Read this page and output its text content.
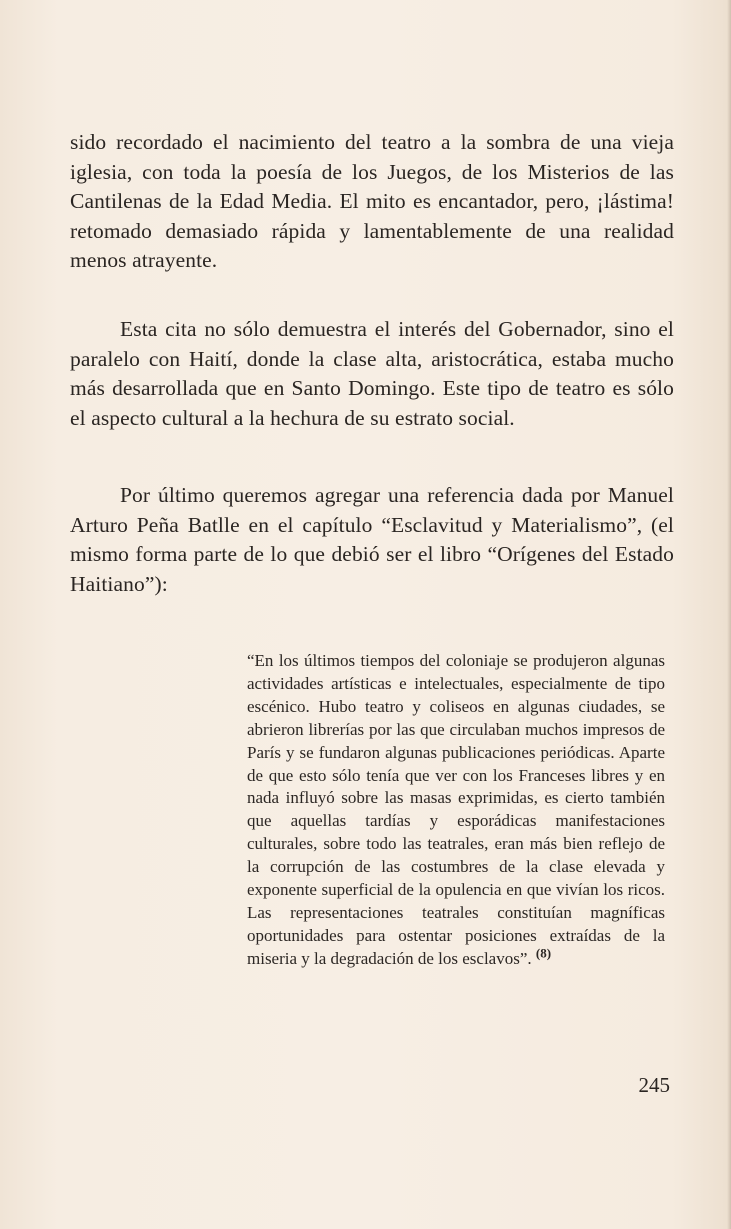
sido recordado el nacimiento del teatro a la sombra de una vieja iglesia, con toda la poesía de los Juegos, de los Misterios de las Cantilenas de la Edad Media. El mito es encantador, pero, ¡lástima! retomado demasiado rápida y lamentablemente de una realidad menos atrayente.

Esta cita no sólo demuestra el interés del Gobernador, sino el paralelo con Haití, donde la clase alta, aristocrática, estaba mucho más desarrollada que en Santo Domingo. Este tipo de teatro es sólo el aspecto cultural a la hechura de su estrato social.

Por último queremos agregar una referencia dada por Manuel Arturo Peña Batlle en el capítulo “Esclavitud y Materialismo”, (el mismo forma parte de lo que debió ser el libro “Orígenes del Estado Haitiano”):

“En los últimos tiempos del coloniaje se produjeron algunas actividades artísticas e intelectuales, especialmente de tipo escénico. Hubo teatro y coliseos en algunas ciudades, se abrieron librerías por las que circulaban muchos impresos de París y se fundaron algunas publicaciones periódicas. Aparte de que esto sólo tenía que ver con los Franceses libres y en nada influyó sobre las masas exprimidas, es cierto también que aquellas tardías y esporádicas manifestaciones culturales, sobre todo las teatrales, eran más bien reflejo de la corrupción de las costumbres de la clase elevada y exponente superficial de la opulencia en que vivían los ricos. Las representaciones teatrales constituían magníficas oportunidades para ostentar posiciones extraídas de la miseria y la degradación de los esclavos”. $^{(8)}$

245
